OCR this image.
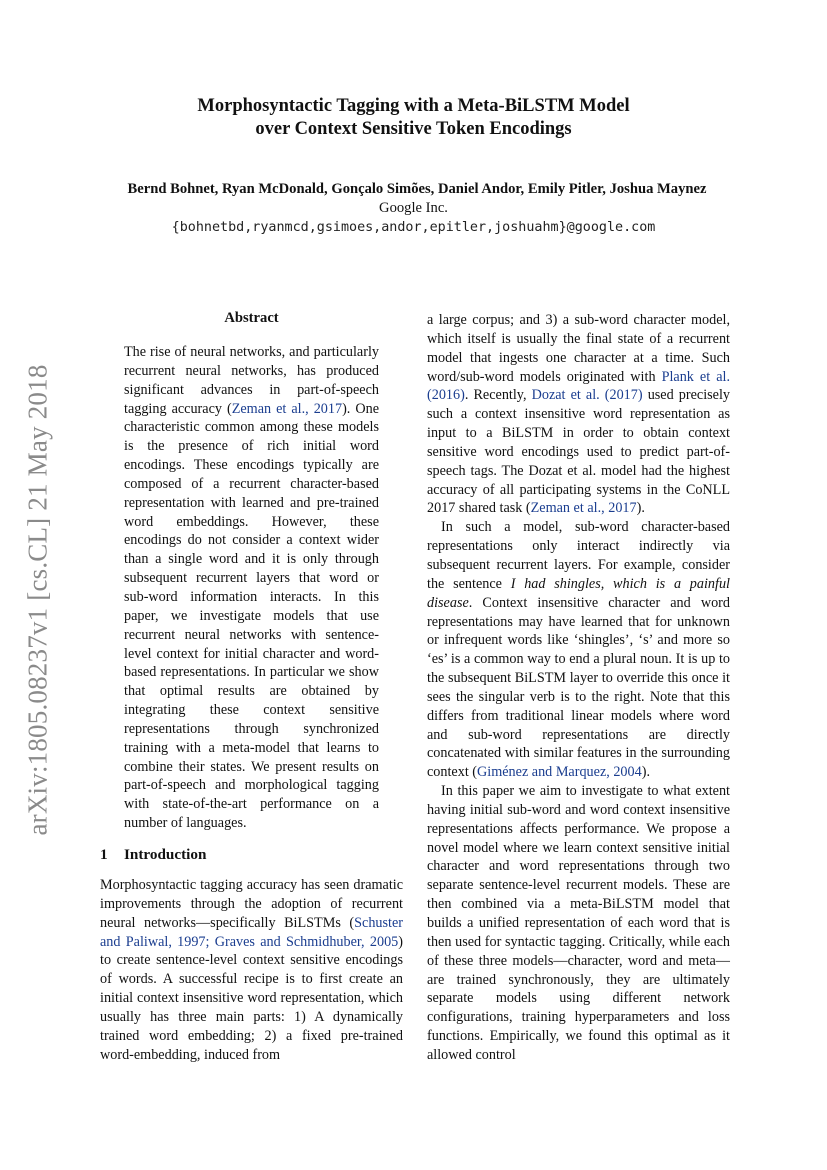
arXiv:1805.08237v1 [cs.CL] 21 May 2018
Morphosyntactic Tagging with a Meta-BiLSTM Model
over Context Sensitive Token Encodings
Bernd Bohnet, Ryan McDonald, Gonçalo Simões, Daniel Andor, Emily Pitler, Joshua Maynez
Google Inc.
{bohnetbd,ryanmcd,gsimoes,andor,epitler,joshuahm}@google.com
Abstract

The rise of neural networks, and particularly recurrent neural networks, has produced significant advances in part-of-speech tagging accuracy (Zeman et al., 2017). One characteristic common among these models is the presence of rich initial word encodings. These encodings typically are composed of a recurrent character-based representation with learned and pre-trained word embeddings. However, these encodings do not consider a context wider than a single word and it is only through subsequent recurrent layers that word or sub-word information interacts. In this paper, we investigate models that use recurrent neural networks with sentence-level context for initial character and word-based representations. In particular we show that optimal results are obtained by integrating these context sensitive representations through synchronized training with a meta-model that learns to combine their states. We present results on part-of-speech and morphological tagging with state-of-the-art performance on a number of languages.

1 Introduction

Morphosyntactic tagging accuracy has seen dramatic improvements through the adoption of recurrent neural networks—specifically BiLSTMs (Schuster and Paliwal, 1997; Graves and Schmidhuber, 2005) to create sentence-level context sensitive encodings of words. A successful recipe is to first create an initial context insensitive word representation, which usually has three main parts: 1) A dynamically trained word embedding; 2) a fixed pre-trained word-embedding, induced from

a large corpus; and 3) a sub-word character model, which itself is usually the final state of a recurrent model that ingests one character at a time. Such word/sub-word models originated with Plank et al. (2016). Recently, Dozat et al. (2017) used precisely such a context insensitive word representation as input to a BiLSTM in order to obtain context sensitive word encodings used to predict part-of-speech tags. The Dozat et al. model had the highest accuracy of all participating systems in the CoNLL 2017 shared task (Zeman et al., 2017).

In such a model, sub-word character-based representations only interact indirectly via subsequent recurrent layers. For example, consider the sentence I had shingles, which is a painful disease. Context insensitive character and word representations may have learned that for unknown or infrequent words like ‘shingles’, ‘s’ and more so ‘es’ is a common way to end a plural noun. It is up to the subsequent BiLSTM layer to override this once it sees the singular verb is to the right. Note that this differs from traditional linear models where word and sub-word representations are directly concatenated with similar features in the surrounding context (Giménez and Marquez, 2004).

In this paper we aim to investigate to what extent having initial sub-word and word context insensitive representations affects performance. We propose a novel model where we learn context sensitive initial character and word representations through two separate sentence-level recurrent models. These are then combined via a meta-BiLSTM model that builds a unified representation of each word that is then used for syntactic tagging. Critically, while each of these three models—character, word and meta—are trained synchronously, they are ultimately separate models using different network configurations, training hyperparameters and loss functions. Empirically, we found this optimal as it allowed control
